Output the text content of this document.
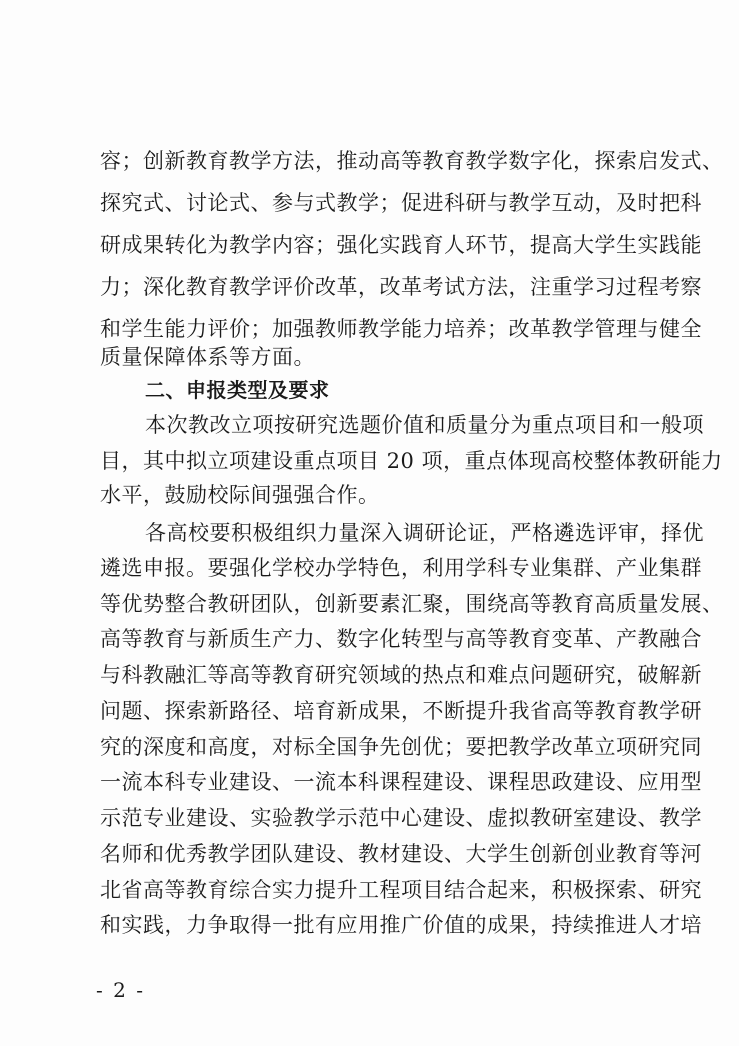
容；创新教育教学方法，推动高等教育教学数字化，探索启发式、
探究式、讨论式、参与式教学；促进科研与教学互动，及时把科
研成果转化为教学内容；强化实践育人环节，提高大学生实践能
力；深化教育教学评价改革，改革考试方法，注重学习过程考察
和学生能力评价；加强教师教学能力培养；改革教学管理与健全
质量保障体系等方面。
二、申报类型及要求
本次教改立项按研究选题价值和质量分为重点项目和一般项
目，其中拟立项建设重点项目 20 项，重点体现高校整体教研能力
水平，鼓励校际间强强合作。
各高校要积极组织力量深入调研论证，严格遴选评审，择优
遴选申报。要强化学校办学特色，利用学科专业集群、产业集群
等优势整合教研团队，创新要素汇聚，围绕高等教育高质量发展、
高等教育与新质生产力、数字化转型与高等教育变革、产教融合
与科教融汇等高等教育研究领域的热点和难点问题研究，破解新
问题、探索新路径、培育新成果，不断提升我省高等教育教学研
究的深度和高度，对标全国争先创优；要把教学改革立项研究同
一流本科专业建设、一流本科课程建设、课程思政建设、应用型
示范专业建设、实验教学示范中心建设、虚拟教研室建设、教学
名师和优秀教学团队建设、教材建设、大学生创新创业教育等河
北省高等教育综合实力提升工程项目结合起来，积极探索、研究
和实践，力争取得一批有应用推广价值的成果，持续推进人才培
- 2 -
